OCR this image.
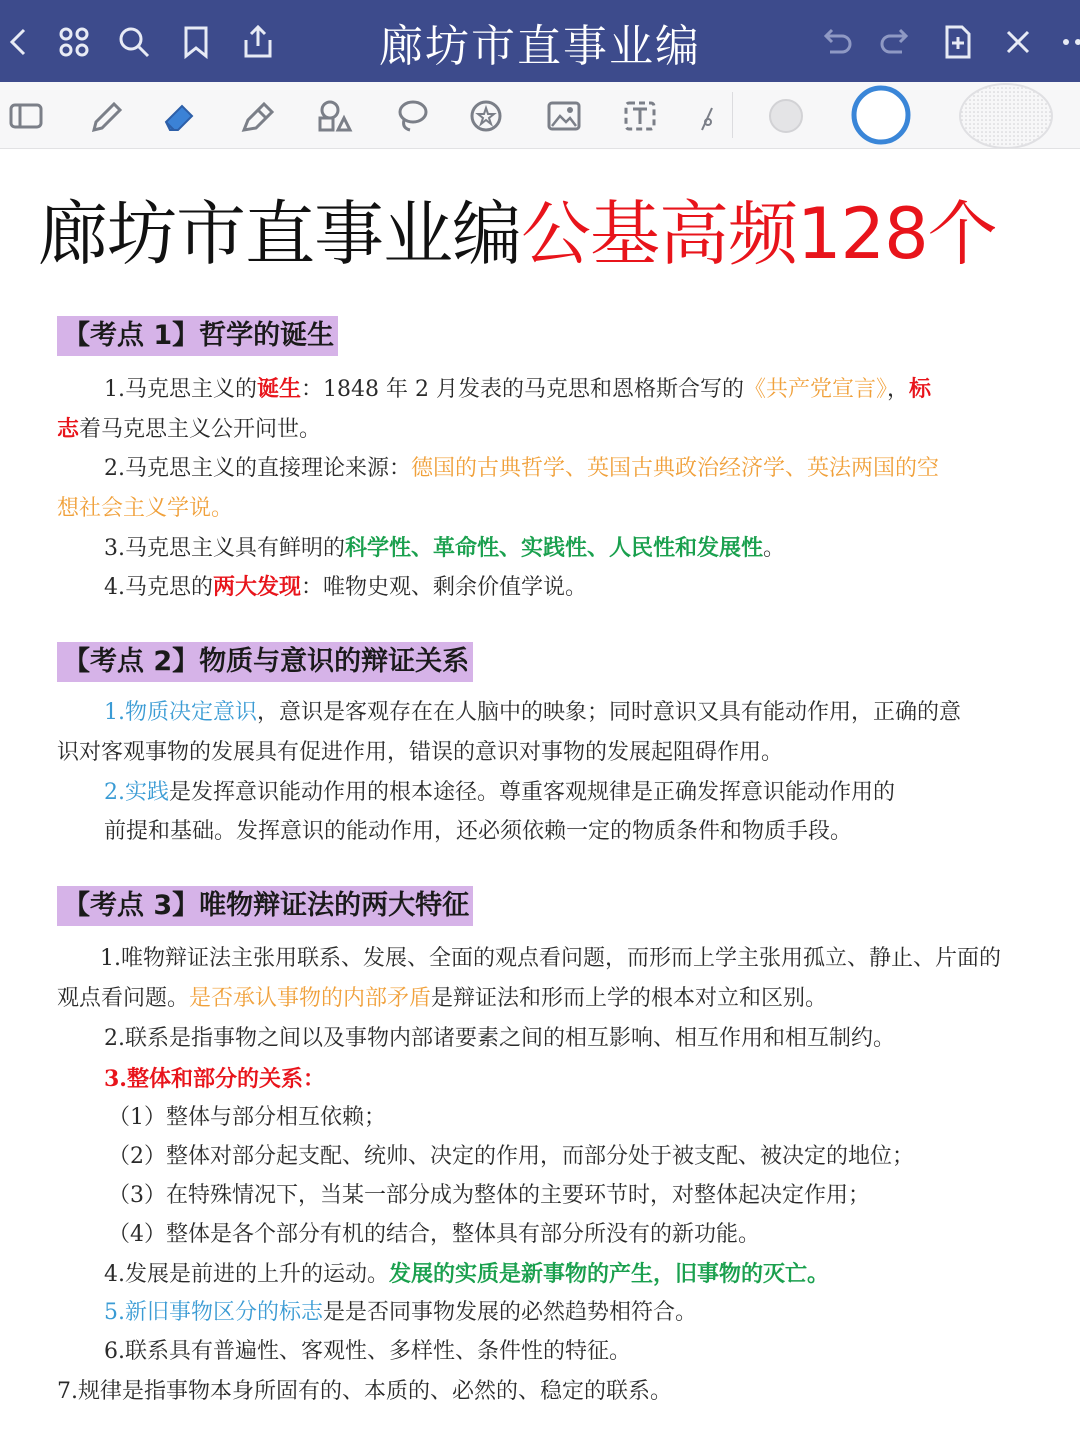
廊坊市直事业编
廊坊市直事业编公基高频128个
【考点 1】哲学的诞生
1.马克思主义的诞生：1848 年 2 月发表的马克思和恩格斯合写的《共产党宣言》，标
志着马克思主义公开问世。
2.马克思主义的直接理论来源：德国的古典哲学、英国古典政治经济学、英法两国的空
想社会主义学说。
3.马克思主义具有鲜明的科学性、革命性、实践性、人民性和发展性。
4.马克思的两大发现：唯物史观、剩余价值学说。
【考点 2】物质与意识的辩证关系
1.物质决定意识，意识是客观存在在人脑中的映象；同时意识又具有能动作用，正确的意
识对客观事物的发展具有促进作用，错误的意识对事物的发展起阻碍作用。
2.实践是发挥意识能动作用的根本途径。尊重客观规律是正确发挥意识能动作用的
前提和基础。发挥意识的能动作用，还必须依赖一定的物质条件和物质手段。
【考点 3】唯物辩证法的两大特征
1.唯物辩证法主张用联系、发展、全面的观点看问题，而形而上学主张用孤立、静止、片面的
观点看问题。是否承认事物的内部矛盾是辩证法和形而上学的根本对立和区别。
2.联系是指事物之间以及事物内部诸要素之间的相互影响、相互作用和相互制约。
3.整体和部分的关系：
（1）整体与部分相互依赖；
（2）整体对部分起支配、统帅、决定的作用，而部分处于被支配、被决定的地位；
（3）在特殊情况下，当某一部分成为整体的主要环节时，对整体起决定作用；
（4）整体是各个部分有机的结合，整体具有部分所没有的新功能。
4.发展是前进的上升的运动。发展的实质是新事物的产生，旧事物的灭亡。
5.新旧事物区分的标志是是否同事物发展的必然趋势相符合。
6.联系具有普遍性、客观性、多样性、条件性的特征。
7.规律是指事物本身所固有的、本质的、必然的、稳定的联系。
